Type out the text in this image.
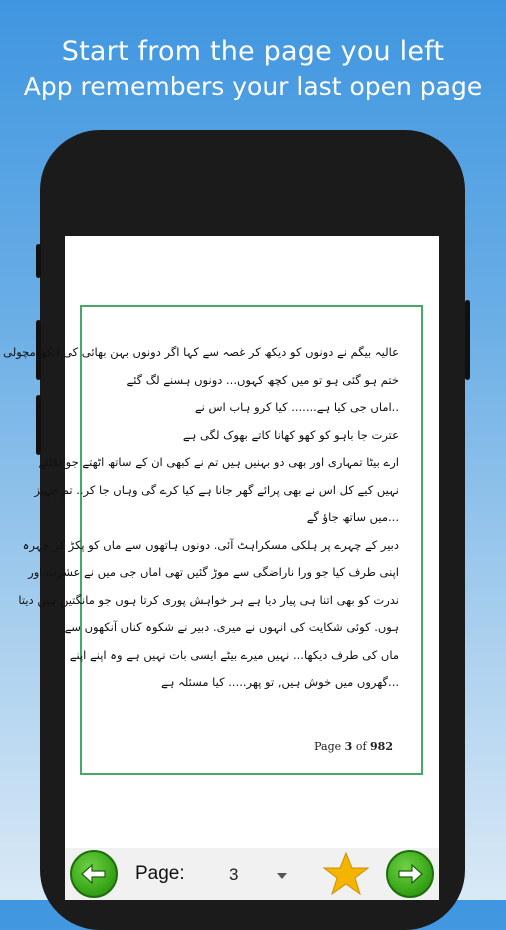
Start from the page you left
App remembers your last open page
عالیہ بیگم نے دونوں کو دیکھ کر غصہ سے کہا اگر دونوں بہن بھائی کی انکھ مچولی
ختم ہو گئی ہو تو میں کچھ کہوں... دونوں ہسنے لگ گئے
..اماں جی کیا ہے....... کیا کرو ہاب اس نے
عترت جا باہو کو کھو کھانا کاتے بھوک لگی ہے
ارے بیٹا تمہاری اور بھی دو بہنیں ہیں تم نے کبھی ان کے ساتھ اٹھتے جو نکلتے
نہیں کیے کل اس نے بھی پرائے گھر جانا ہے کیا کرے گی وہاں جا کر.. تم جہیز
...میں ساتھ جاؤ گے
دبیر کے چہرے پر ہلکی مسکراہٹ آئی. دونوں ہاتھوں سے ماں کو پکڑ کر چہرہ
اپنی طرف کیا جو ورا ناراضگی سے موڑ گئیں تھی اماں جی میں نے عشرت اور
ندرت کو بھی اتنا ہی پیار دیا ہے ہر خواہش پوری کرتا ہوں جو مانگتیں ہیں دیتا
ہوں. کوئی شکایت کی انہوں نے میری. دبیر نے شکوہ کناں آنکھوں سے
ماں کی طرف دیکھا... نہیں میرے بیٹے ایسی بات نہیں ہے وہ اپنے اپنے
...گھروں میں خوش ہیں, تو پھر..... کیا مسئلہ ہے
Page 3 of 982
Page:	3
